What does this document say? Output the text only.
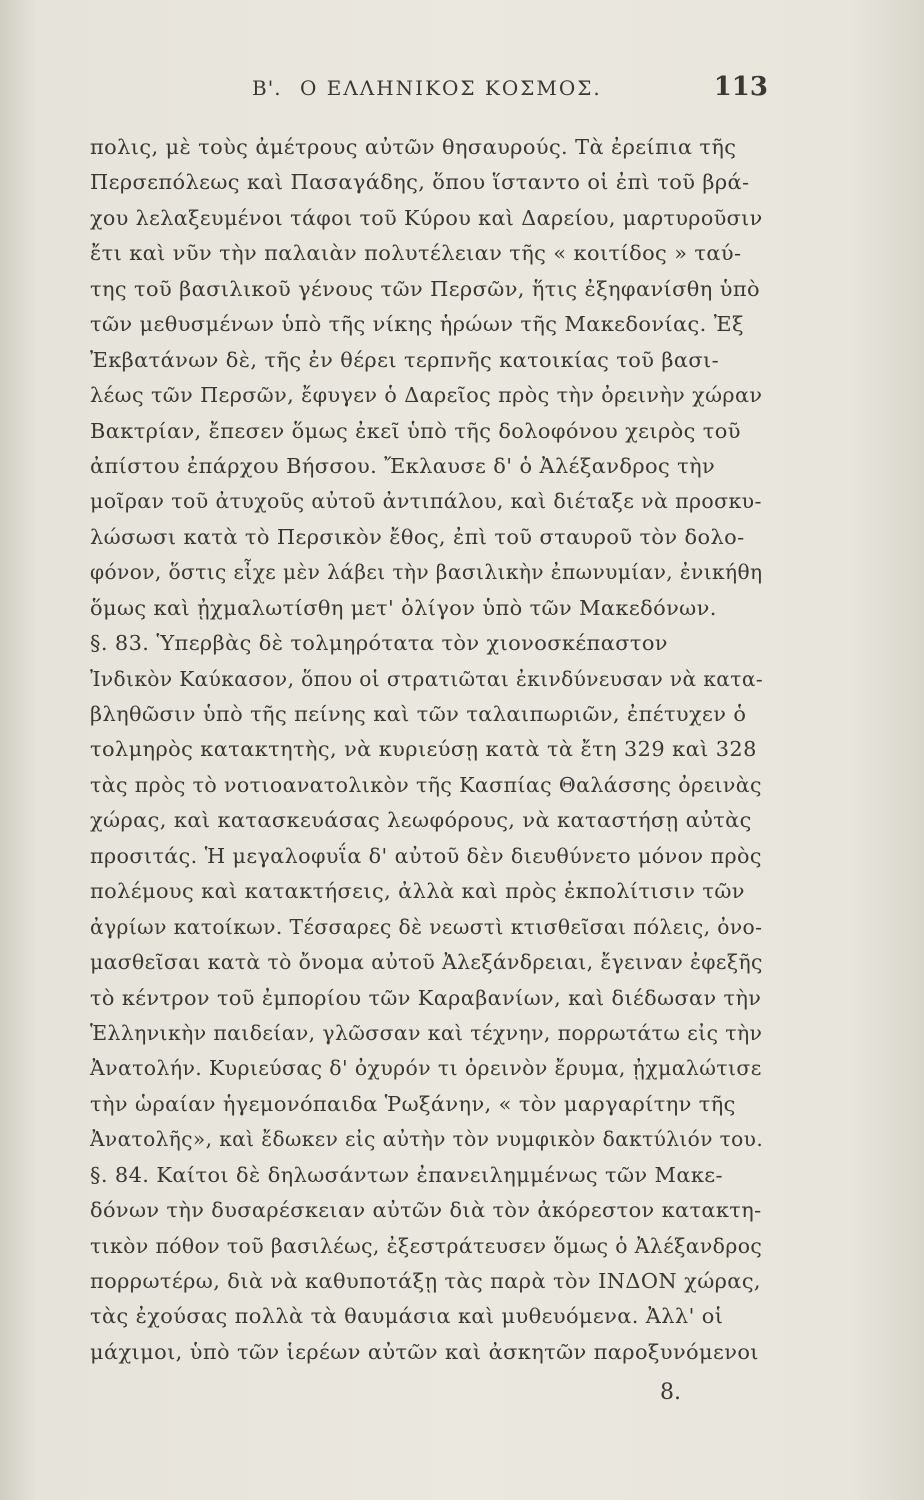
Β'. Ο ΕΛΛΗΝΙΚΟΣ ΚΟΣΜΟΣ.	113
πολις, μὲ τοὺς ἀμέτρους αὐτῶν θησαυρούς. Τὰ ἐρείπια τῆς
Περσεπόλεως καὶ Πασαγάδης, ὅπου ἵσταντο οἱ ἐπὶ τοῦ βρά-
χου λελαξευμένοι τάφοι τοῦ Κύρου καὶ Δαρείου, μαρτυροῦσιν
ἔτι καὶ νῦν τὴν παλαιὰν πολυτέλειαν τῆς « κοιτίδος » ταύ-
της τοῦ βασιλικοῦ γένους τῶν Περσῶν, ἥτις ἐξηφανίσθη ὑπὸ
τῶν μεθυσμένων ὑπὸ τῆς νίκης ἡρώων τῆς Μακεδονίας. Ἐξ
Ἐκβατάνων δὲ, τῆς ἐν θέρει τερπνῆς κατοικίας τοῦ βασι-
λέως τῶν Περσῶν, ἔφυγεν ὁ Δαρεῖος πρὸς τὴν ὀρεινὴν χώραν
Βακτρίαν, ἔπεσεν ὅμως ἐκεῖ ὑπὸ τῆς δολοφόνου χειρὸς τοῦ
ἀπίστου ἐπάρχου Βήσσου. Ἔκλαυσε δ' ὁ Ἀλέξανδρος τὴν
μοῖραν τοῦ ἀτυχοῦς αὐτοῦ ἀντιπάλου, καὶ διέταξε νὰ προσκυ-
λώσωσι κατὰ τὸ Περσικὸν ἔθος, ἐπὶ τοῦ σταυροῦ τὸν δολο-
φόνον, ὅστις εἶχε μὲν λάβει τὴν βασιλικὴν ἐπωνυμίαν, ἐνικήθη
ὅμως καὶ ᾐχμαλωτίσθη μετ' ὀλίγον ὑπὸ τῶν Μακεδόνων.
§. 83. Ὑπερβὰς δὲ τολμηρότατα τὸν χιονοσκέπαστον
Ἰνδικὸν Καύκασον, ὅπου οἱ στρατιῶται ἐκινδύνευσαν νὰ κατα-
βληθῶσιν ὑπὸ τῆς πείνης καὶ τῶν ταλαιπωριῶν, ἐπέτυχεν ὁ
τολμηρὸς κατακτητὴς, νὰ κυριεύσῃ κατὰ τὰ ἔτη 329 καὶ 328
τὰς πρὸς τὸ νοτιοανατολικὸν τῆς Κασπίας Θαλάσσης ὀρεινὰς
χώρας, καὶ κατασκευάσας λεωφόρους, νὰ καταστήσῃ αὐτὰς
προσιτάς. Ἡ μεγαλοφυΐα δ' αὐτοῦ δὲν διευθύνετο μόνον πρὸς
πολέμους καὶ κατακτήσεις, ἀλλὰ καὶ πρὸς ἐκπολίτισιν τῶν
ἀγρίων κατοίκων. Τέσσαρες δὲ νεωστὶ κτισθεῖσαι πόλεις, ὀνο-
μασθεῖσαι κατὰ τὸ ὄνομα αὐτοῦ Ἀλεξάνδρειαι, ἔγειναν ἐφεξῆς
τὸ κέντρον τοῦ ἐμπορίου τῶν Καραβανίων, καὶ διέδωσαν τὴν
Ἑλληνικὴν παιδείαν, γλῶσσαν καὶ τέχνην, πορρωτάτω εἰς τὴν
Ἀνατολήν. Κυριεύσας δ' ὀχυρόν τι ὀρεινὸν ἔρυμα, ᾐχμαλώτισε
τὴν ὡραίαν ἡγεμονόπαιδα Ῥωξάνην, « τὸν μαργαρίτην τῆς
Ἀνατολῆς», καὶ ἔδωκεν εἰς αὐτὴν τὸν νυμφικὸν δακτύλιόν του.
§. 84. Καίτοι δὲ δηλωσάντων ἐπανειλημμένως τῶν Μακε-
δόνων τὴν δυσαρέσκειαν αὐτῶν διὰ τὸν ἀκόρεστον κατακτη-
τικὸν πόθον τοῦ βασιλέως, ἐξεστράτευσεν ὅμως ὁ Ἀλέξανδρος
πορρωτέρω, διὰ νὰ καθυποτάξῃ τὰς παρὰ τὸν ΙΝΔΟΝ χώρας,
τὰς ἐχούσας πολλὰ τὰ θαυμάσια καὶ μυθευόμενα. Ἀλλ' οἱ
μάχιμοι, ὑπὸ τῶν ἱερέων αὐτῶν καὶ ἀσκητῶν παροξυνόμενοι
8.
